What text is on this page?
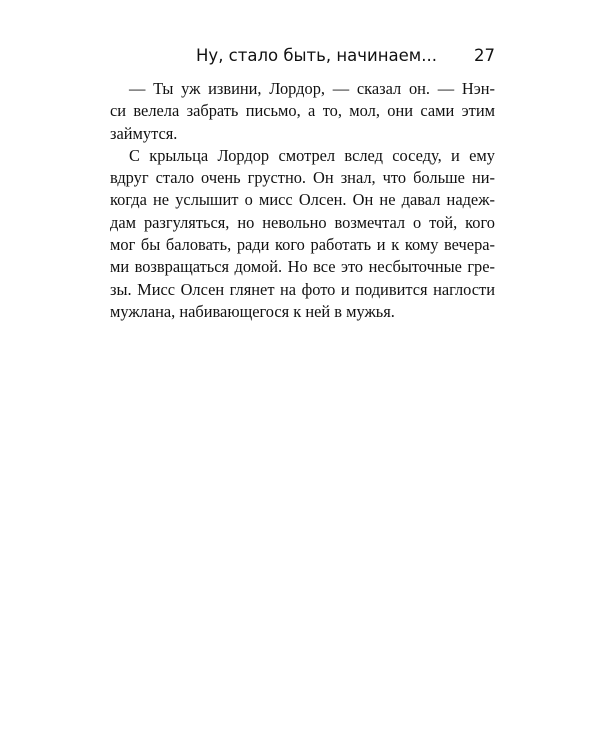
Ну, стало быть, начинаем... 27

— Ты уж извини, Лордор, — сказал он. — Нэн-
си велела забрать письмо, а то, мол, они сами этим
займутся.

С крыльца Лордор смотрел вслед соседу, и ему
вдруг стало очень грустно. Он знал, что больше ни-
когда не услышит о мисс Олсен. Он не давал надеж-
дам разгуляться, но невольно возмечтал о той, кого
мог бы баловать, ради кого работать и к кому вечера-
ми возвращаться домой. Но все это несбыточные гре-
зы. Мисс Олсен глянет на фото и подивится наглости
мужлана, набивающегося к ней в мужья.
